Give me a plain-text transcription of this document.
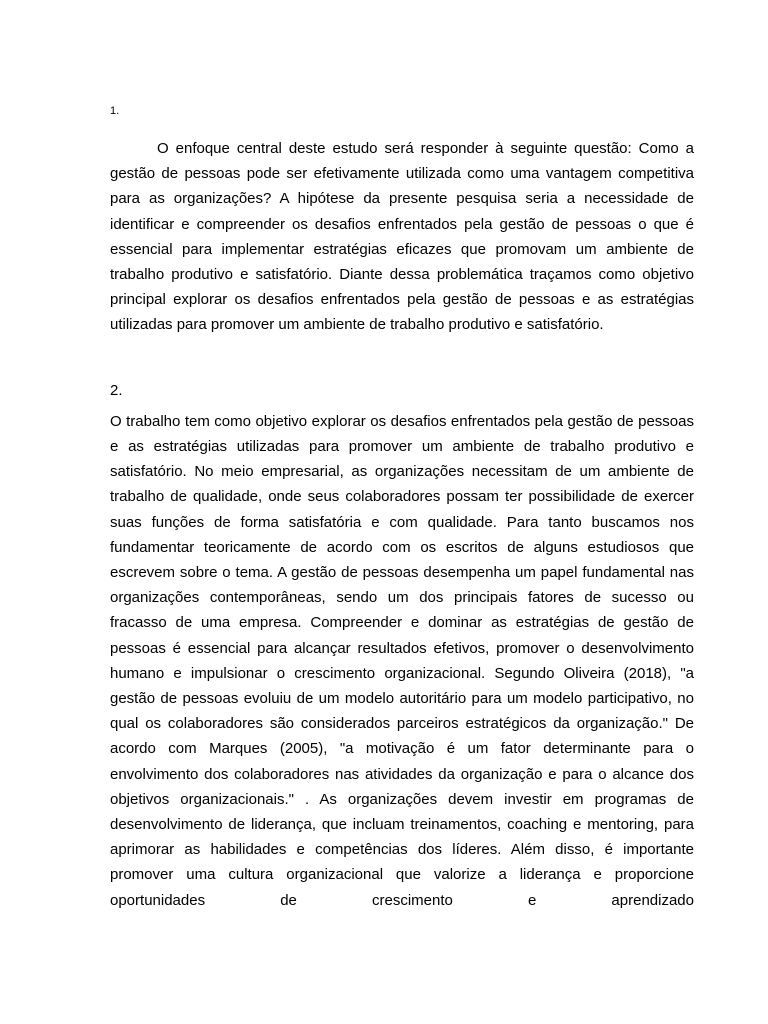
1.

O enfoque central deste estudo será responder à seguinte questão: Como a gestão de pessoas pode ser efetivamente utilizada como uma vantagem competitiva para as organizações? A hipótese da presente pesquisa seria a necessidade de identificar e compreender os desafios enfrentados pela gestão de pessoas o que é essencial para implementar estratégias eficazes que promovam um ambiente de trabalho produtivo e satisfatório. Diante dessa problemática traçamos como objetivo principal explorar os desafios enfrentados pela gestão de pessoas e as estratégias utilizadas para promover um ambiente de trabalho produtivo e satisfatório.

2.

O trabalho tem como objetivo explorar os desafios enfrentados pela gestão de pessoas e as estratégias utilizadas para promover um ambiente de trabalho produtivo e satisfatório. No meio empresarial, as organizações necessitam de um ambiente de trabalho de qualidade, onde seus colaboradores possam ter possibilidade de exercer suas funções de forma satisfatória e com qualidade. Para tanto buscamos nos fundamentar teoricamente de acordo com os escritos de alguns estudiosos que escrevem sobre o tema. A gestão de pessoas desempenha um papel fundamental nas organizações contemporâneas, sendo um dos principais fatores de sucesso ou fracasso de uma empresa. Compreender e dominar as estratégias de gestão de pessoas é essencial para alcançar resultados efetivos, promover o desenvolvimento humano e impulsionar o crescimento organizacional. Segundo Oliveira (2018), "a gestão de pessoas evoluiu de um modelo autoritário para um modelo participativo, no qual os colaboradores são considerados parceiros estratégicos da organização." De acordo com Marques (2005), "a motivação é um fator determinante para o envolvimento dos colaboradores nas atividades da organização e para o alcance dos objetivos organizacionais." . As organizações devem investir em programas de desenvolvimento de liderança, que incluam treinamentos, coaching e mentoring, para aprimorar as habilidades e competências dos líderes. Além disso, é importante promover uma cultura organizacional que valorize a liderança e proporcione oportunidades de crescimento e aprendizado
